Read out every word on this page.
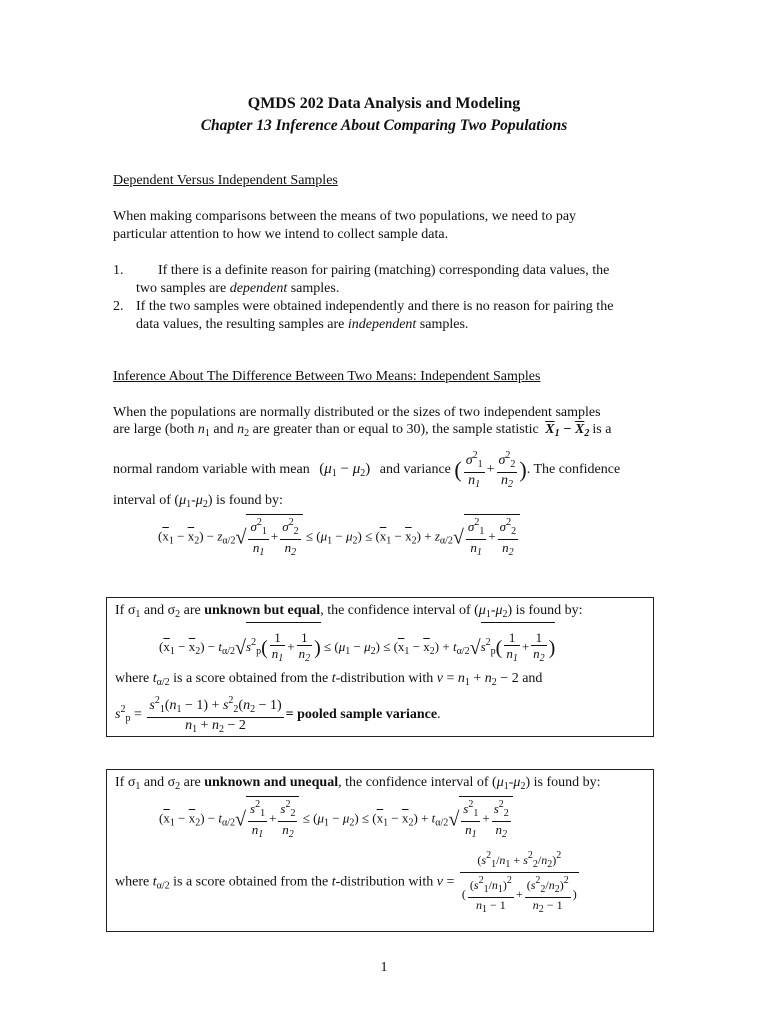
QMDS 202 Data Analysis and Modeling
Chapter 13 Inference About Comparing Two Populations
Dependent Versus Independent Samples
When making comparisons between the means of two populations, we need to pay
particular attention to how we intend to collect sample data.
1.	If there is a definite reason for pairing (matching) corresponding data values, the
two samples are dependent samples.
2. If the two samples were obtained independently and there is no reason for pairing the
data values, the resulting samples are independent samples.
Inference About The Difference Between Two Means: Independent Samples
When the populations are normally distributed or the sizes of two independent samples
are large (both $n_1$ and $n_2$ are greater than or equal to 30), the sample statistic $\overline{X}_1 - \overline{X}_2$ is a
normal random variable with mean $(\mu_1 - \mu_2)$ and variance ( $\frac{\sigma^2_1}{n_1} + \frac{\sigma^2_2}{n_2}$ ). The confidence
interval of $(\mu_1-\mu_2)$ is found by:
$(\overline{x}_1 - \overline{x}_2) - z_{\alpha/2}√ \frac{\sigma^2_1}{n_1} + \frac{\sigma^2_2}{n_2} \le (\mu_1 - \mu_2) \le (\overline{x}_1 - \overline{x}_2) + z_{\alpha/2}√ \frac{\sigma^2_1}{n_1} + \frac{\sigma^2_2}{n_2}$
If $\sigma_1$ and $\sigma_2$ are unknown but equal, the confidence interval of $(\mu_1-\mu_2)$ is found by:
$(\overline{x}_1 - \overline{x}_2) - t_{\alpha/2}√s^2_p( \frac{1}{n_1} + \frac{1}{n_2}$ ) ≤ $(\mu_1 - \mu_2) \le (\overline{x}_1 - \overline{x}_2) + t_{\alpha/2}√s^2_p( \frac{1}{n_1} + \frac{1}{n_2}$ )
where $t_{\alpha/2}$ is a score obtained from the t-distribution with $\nu = n_1 + n_2 - 2$ and
$s^2_p = \frac{s^2_1(n_1 - 1) + s^2_2(n_2 - 1)}{n_1 + n_2 - 2}$ = pooled sample variance.
If $\sigma_1$ and $\sigma_2$ are unknown and unequal, the confidence interval of $(\mu_1-\mu_2)$ is found by:
$(\overline{x}_1 - \overline{x}_2) - t_{\alpha/2}√ \frac{s^2_1}{n_1} + \frac{s^2_2}{n_2} \le (\mu_1 - \mu_2) \le (\overline{x}_1 - \overline{x}_2) + t_{\alpha/2}√ \frac{s^2_1}{n_1} + \frac{s^2_2}{n_2}$
where $t_{\alpha/2}$ is a score obtained from the t-distribution with $\nu = \frac{(s^2_1/n_1 + s^2_2/n_2)^2}{( \frac{(s^2_1/n_1)^2}{n_1 - 1} + \frac{(s^2_2/n_2)^2}{n_2 - 1} )}$
1
